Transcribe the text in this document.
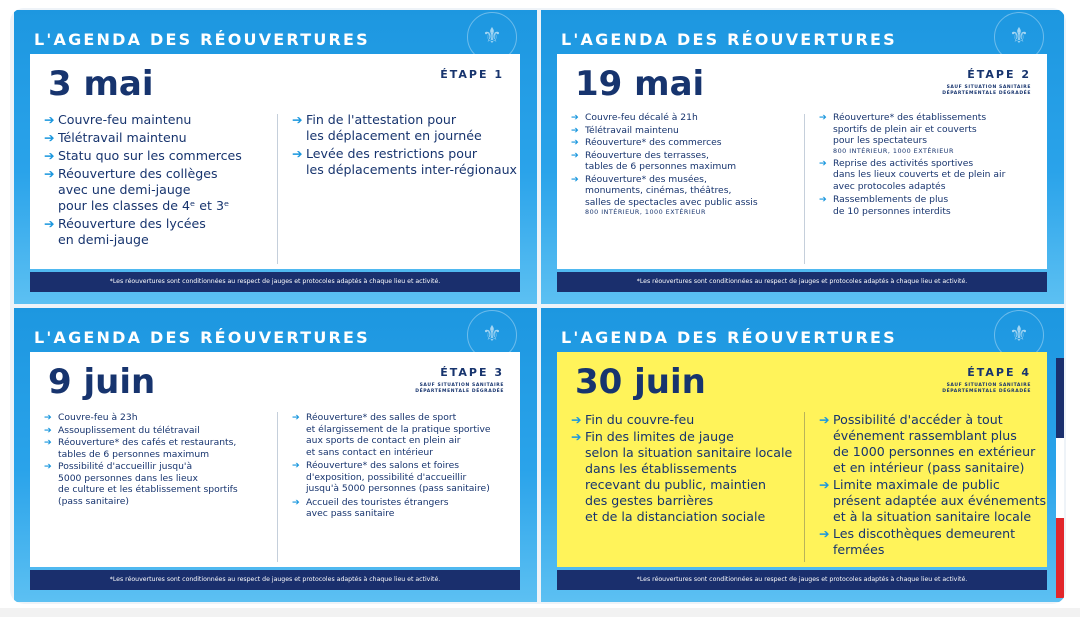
⚜
L'AGENDA DES RÉOUVERTURES
3 mai	ÉTAPE 1
➔ Couvre-feu maintenu
➔ Télétravail maintenu
➔ Statu quo sur les commerces
➔ Réouverture des collèges
avec une demi-jauge
pour les classes de 4ᵉ et 3ᵉ
➔ Réouverture des lycées
en demi-jauge
➔ Fin de l'attestation pour
les déplacement en journée
➔ Levée des restrictions pour
les déplacements inter-régionaux
*Les réouvertures sont conditionnées au respect de jauges et protocoles adaptés à chaque lieu et activité.
⚜
L'AGENDA DES RÉOUVERTURES
19 mai	ÉTAPE 2
SAUF SITUATION SANITAIRE
DÉPARTEMENTALE DÉGRADÉE
➔ Couvre-feu décalé à 21h
➔ Télétravail maintenu
➔ Réouverture* des commerces
➔ Réouverture des terrasses,
tables de 6 personnes maximum
➔ Réouverture* des musées,
monuments, cinémas, théâtres,
salles de spectacles avec public assis
800 INTÉRIEUR, 1000 EXTÉRIEUR
➔ Réouverture* des établissements
sportifs de plein air et couverts
pour les spectateurs
800 INTÉRIEUR, 1000 EXTÉRIEUR
➔ Reprise des activités sportives
dans les lieux couverts et de plein air
avec protocoles adaptés
➔ Rassemblements de plus
de 10 personnes interdits
*Les réouvertures sont conditionnées au respect de jauges et protocoles adaptés à chaque lieu et activité.
⚜
L'AGENDA DES RÉOUVERTURES
9 juin	ÉTAPE 3
SAUF SITUATION SANITAIRE
DÉPARTEMENTALE DÉGRADÉE
➔ Couvre-feu à 23h
➔ Assouplissement du télétravail
➔ Réouverture* des cafés et restaurants,
tables de 6 personnes maximum
➔ Possibilité d'accueillir jusqu'à
5000 personnes dans les lieux
de culture et les établissement sportifs
(pass sanitaire)
➔ Réouverture* des salles de sport
et élargissement de la pratique sportive
aux sports de contact en plein air
et sans contact en intérieur
➔ Réouverture* des salons et foires
d'exposition, possibilité d'accueillir
jusqu'à 5000 personnes (pass sanitaire)
➔ Accueil des touristes étrangers
avec pass sanitaire
*Les réouvertures sont conditionnées au respect de jauges et protocoles adaptés à chaque lieu et activité.
⚜
L'AGENDA DES RÉOUVERTURES
30 juin	ÉTAPE 4
SAUF SITUATION SANITAIRE
DÉPARTEMENTALE DÉGRADÉE
➔ Fin du couvre-feu
➔ Fin des limites de jauge
selon la situation sanitaire locale
dans les établissements
recevant du public, maintien
des gestes barrières
et de la distanciation sociale
➔ Possibilité d'accéder à tout
événement rassemblant plus
de 1000 personnes en extérieur
et en intérieur (pass sanitaire)
➔ Limite maximale de public
présent adaptée aux événements
et à la situation sanitaire locale
➔ Les discothèques demeurent
fermées
*Les réouvertures sont conditionnées au respect de jauges et protocoles adaptés à chaque lieu et activité.
